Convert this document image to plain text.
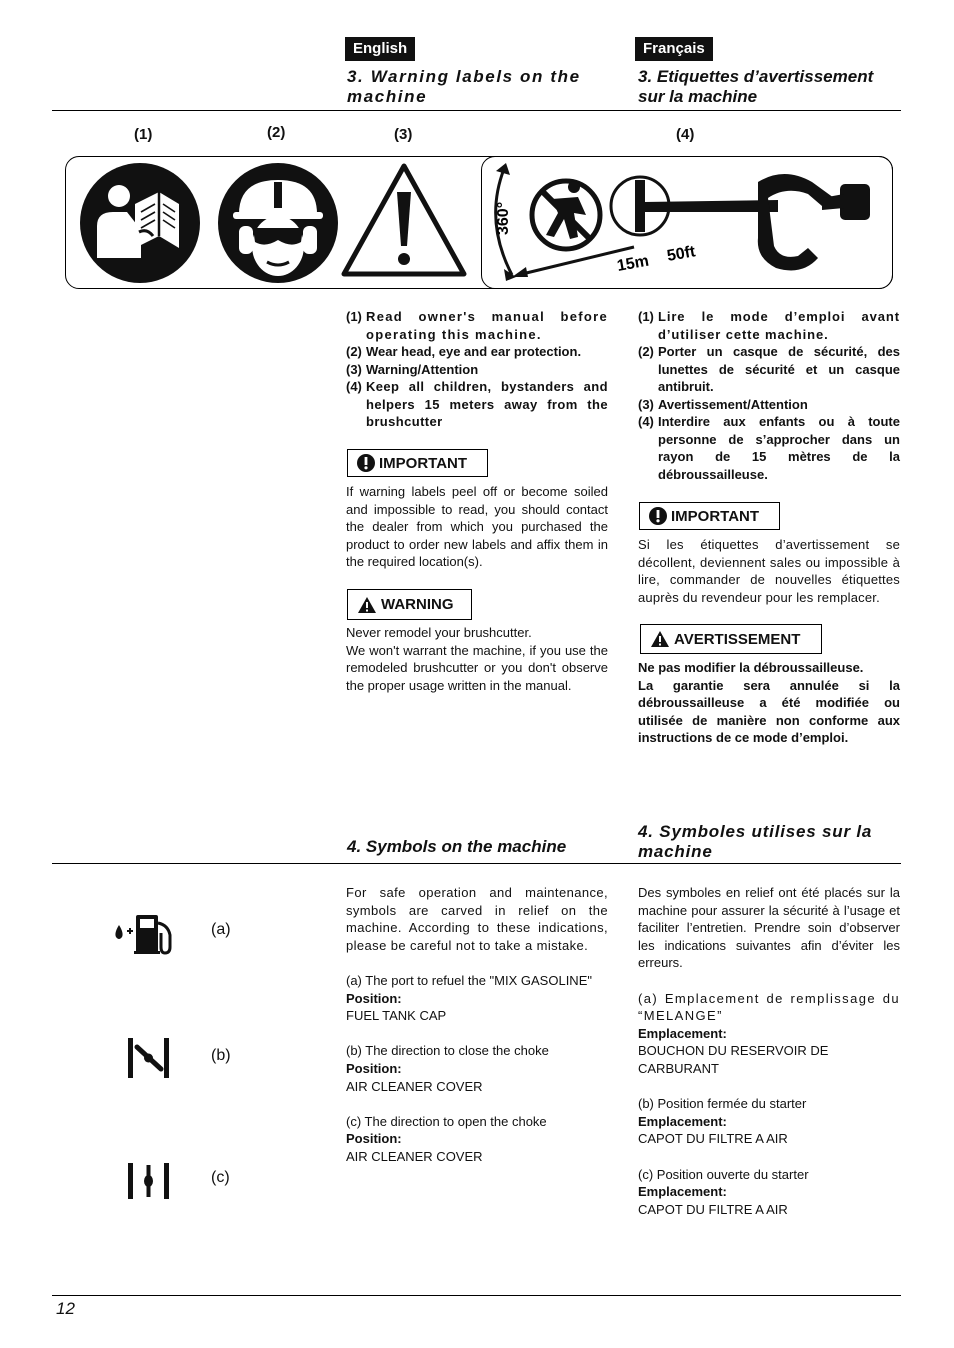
English	Français
3. Warning labels on the machine
3. Etiquettes d’avertissement sur la machine
(1)	(2)	(3)	(4)
360°
15m 50ft
(1) Read owner's manual before operating this machine.
(2) Wear head, eye and ear protection.
(3) Warning/Attention
(4) Keep all children, bystanders and helpers 15 meters away from the brushcutter
(1) Lire le mode d’emploi avant d’utiliser cette machine.
(2) Porter un casque de sécurité, des lunettes de sécurité et un casque antibruit.
(3) Avertissement/Attention
(4) Interdire aux enfants ou à toute personne de s’approcher dans un rayon de 15 mètres de la débroussailleuse.
IMPORTANT
If warning labels peel off or become soiled and impossible to read, you should contact the dealer from which you purchased the product to order new labels and affix them in the required location(s).
WARNING

Never remodel your brushcutter.

We won't warrant the machine, if you use the remodeled brushcutter or you don't observe the proper usage written in the manual.

IMPORTANT
Si les étiquettes d’avertissement se décollent, deviennent sales ou impossible à lire, commander de nouvelles étiquettes auprès du revendeur pour les remplacer.
AVERTISSEMENT

Ne pas modifier la débroussailleuse.

La garantie sera annulée si la débroussailleuse a été modifiée ou utilisée de manière non conforme aux instructions de ce mode d’emploi.

4. Symbols on the machine
4. Symboles utilises sur la machine
(a)
(b)
(c)

For safe operation and maintenance, symbols are carved in relief on the machine. According to these indications, please be careful not to take a mistake.

(a) The port to refuel the "MIX GASOLINE"

Position:

FUEL TANK CAP

(b) The direction to close the choke

Position:

AIR CLEANER COVER

(c) The direction to open the choke

Position:

AIR CLEANER COVER

Des symboles en relief ont été placés sur la machine pour assurer la sécurité à l’usage et faciliter l’entretien. Prendre soin d’observer les indications suivantes afin d’éviter les erreurs.

(a) Emplacement de remplissage du “MELANGE”

Emplacement:

BOUCHON DU RESERVOIR DE CARBURANT

(b) Position fermée du starter

Emplacement:

CAPOT DU FILTRE A AIR

(c) Position ouverte du starter

Emplacement:

CAPOT DU FILTRE A AIR

12
